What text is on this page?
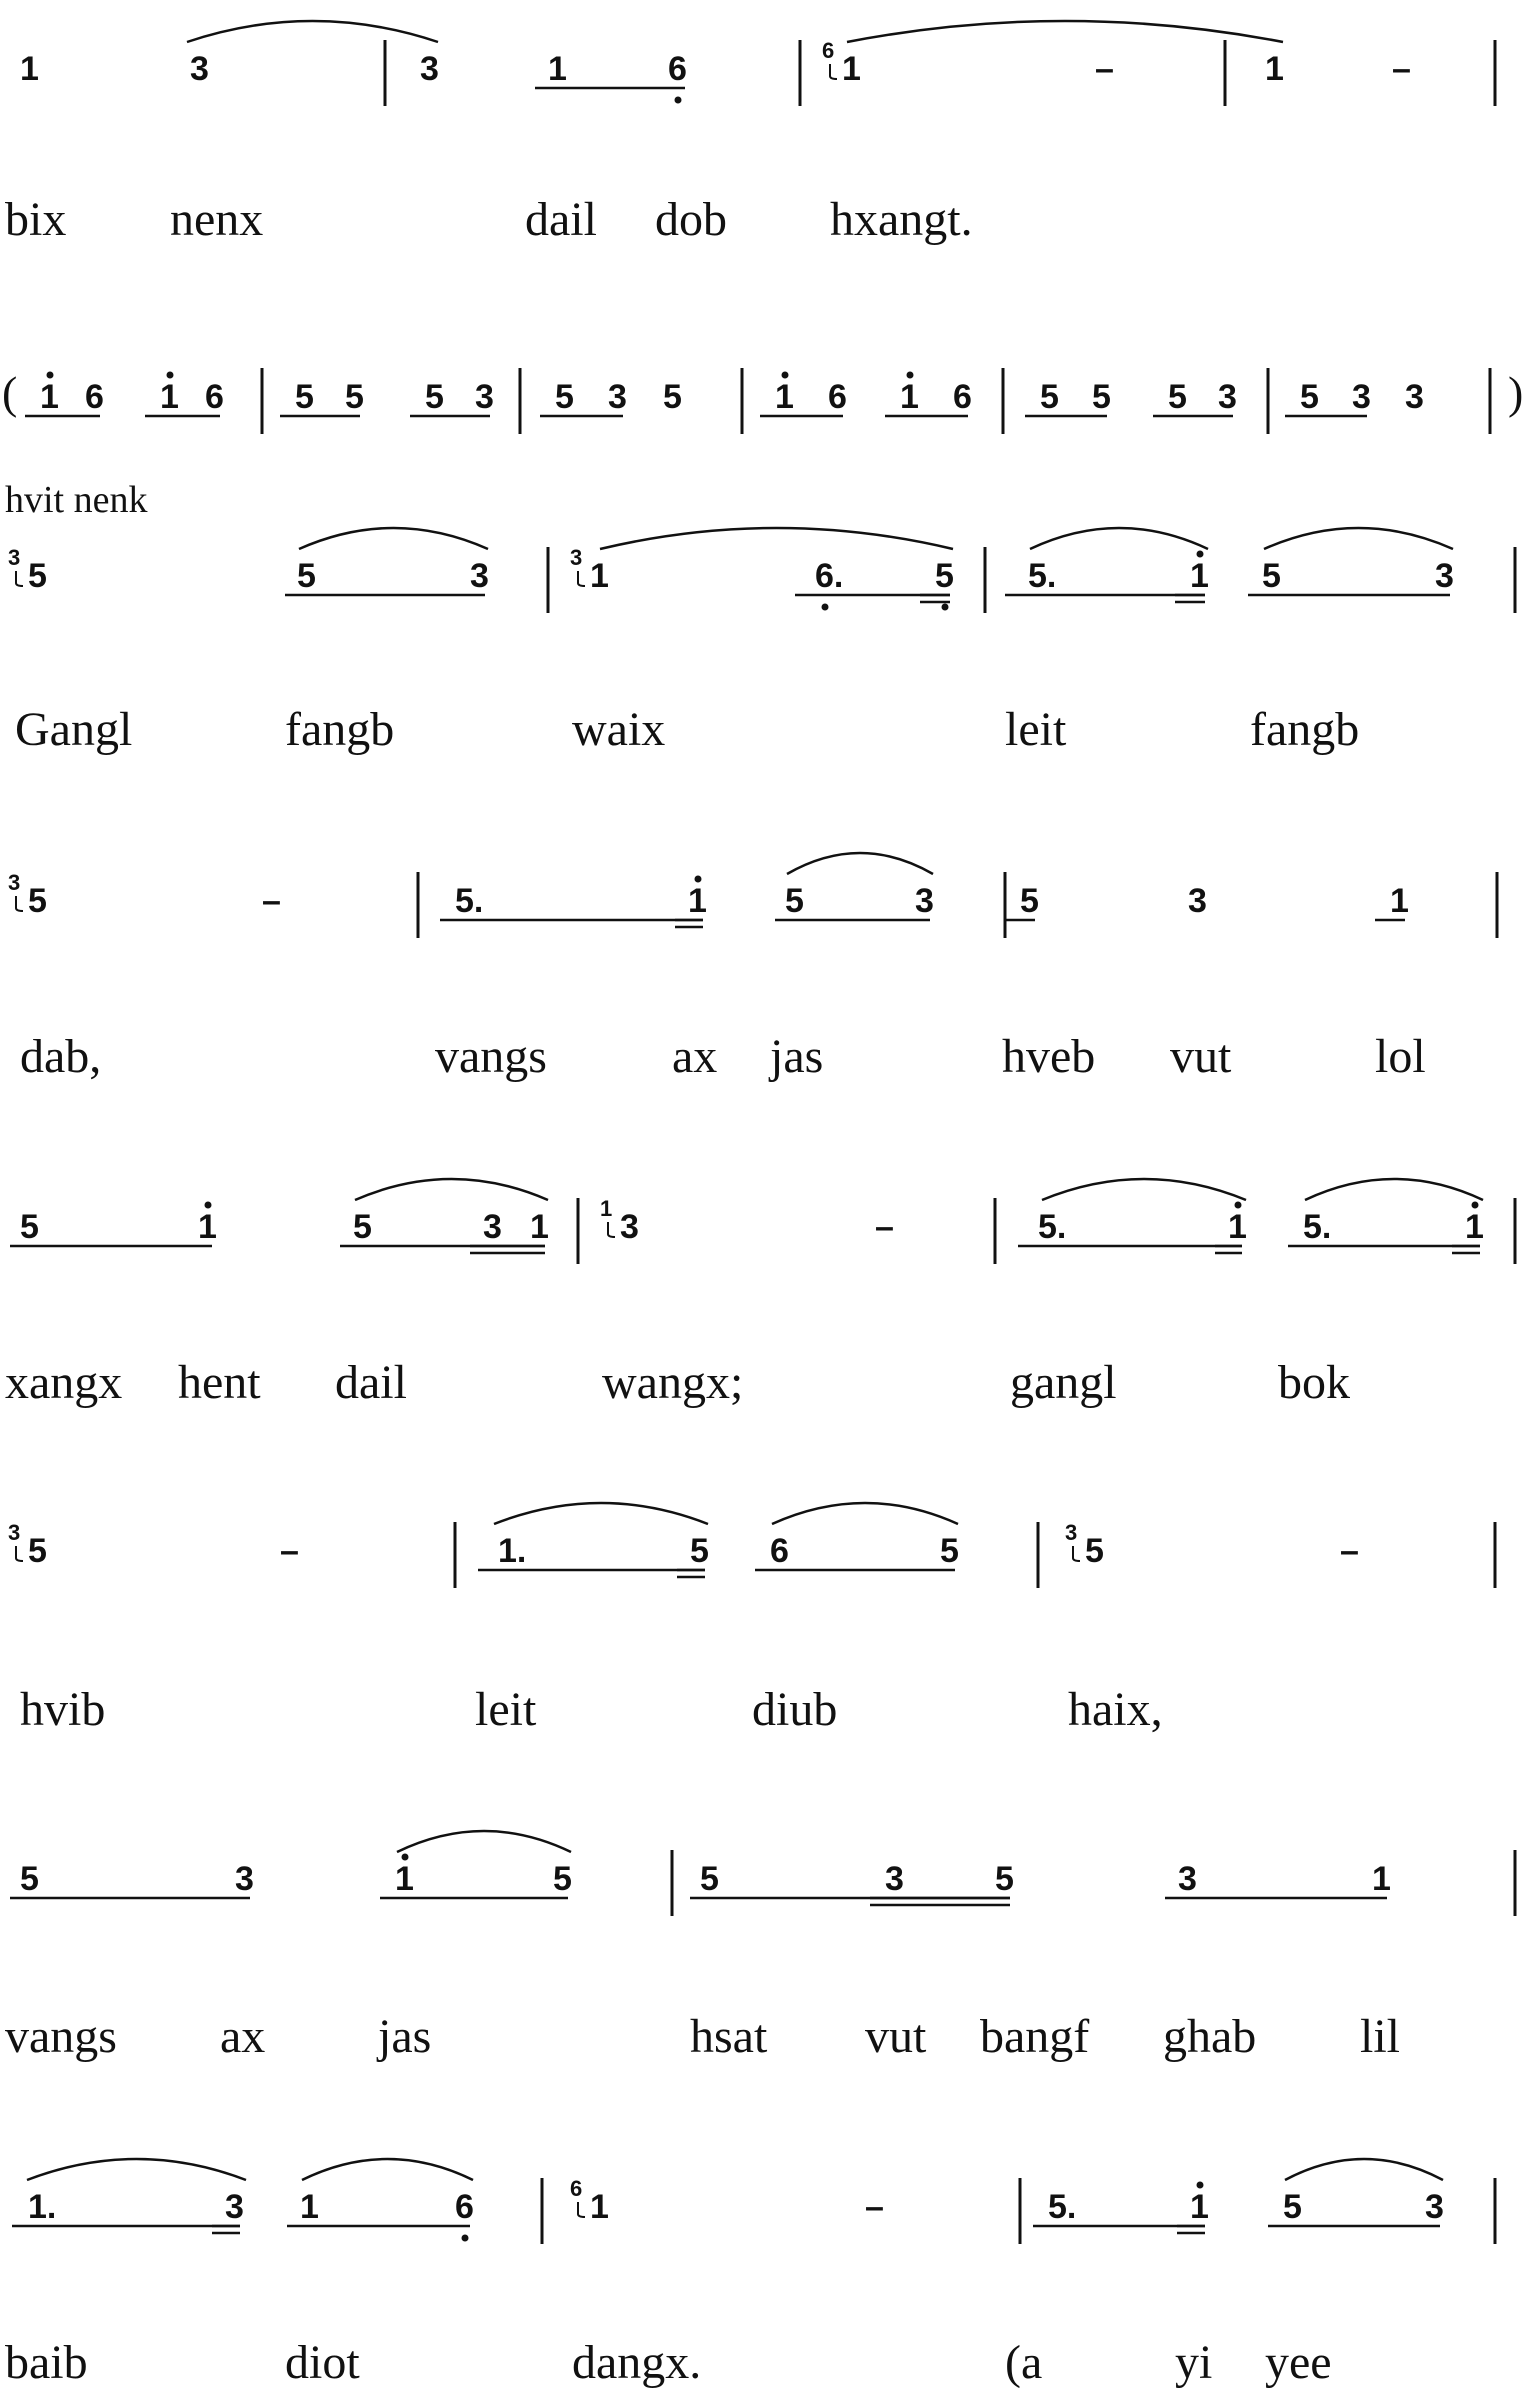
1	3	3	1	6	1
6	–	1	–
1 6 1 6 5 5 5 3 5 3 5	1 6 1 6 5 5 5 3 5 3 3
5
3	5	3	1
3	6.	5 5.	1 5	3
5
3	–	5.	1 5	3	5	3	1
5	1	5	3 1 3
1	–	5.	1 5.	1
5
3	–	1.	5 6	5	5
3	–
5	3	1	5	5	3	5	3	1
1.	3 1	6	1
6	–	5.	1 5	3
bix nenx	dail dob hxangt.
Gangl	fangb	waix	leit	fangb
dab,	vangs	ax jas	hveb vut	lol
xangx hent dail	wangx;	gangl	bok
hvib	leit	diub	haix,
vangs ax jas	hsat vut bangf ghab lil
baib	diot	dangx.	(a	yi yee
(	)
hvit nenk
